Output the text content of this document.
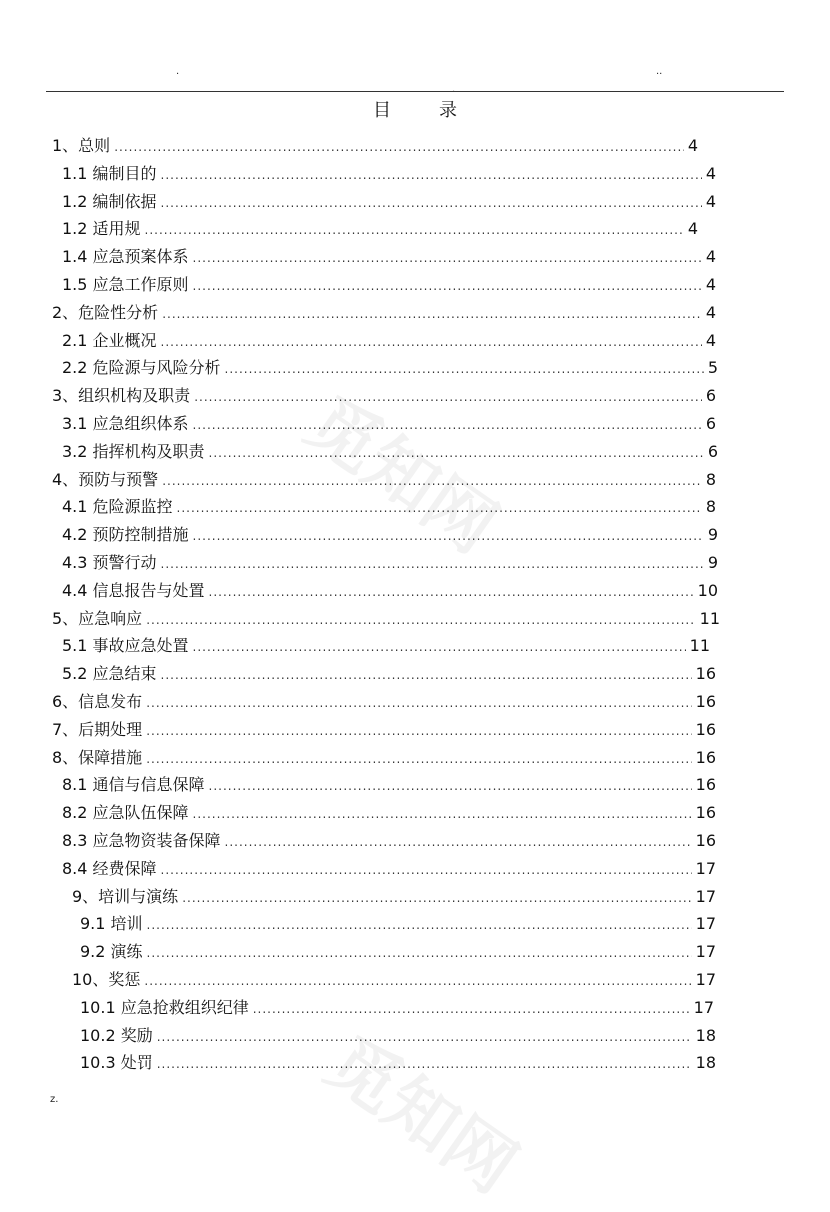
.
.
..
目	录
觅知网
觅知网
1、总则 .....	4
1.1 编制目的 .....	4
1.2 编制依据 .....	4
1.2 适用规 .....	4
1.4 应急预案体系 .....	4
1.5 应急工作原则 .....	4
2、危险性分析 .....	4
2.1 企业概况 .....	4
2.2 危险源与风险分析 .....	5
3、组织机构及职责 .....	6
3.1 应急组织体系 .....	6
3.2 指挥机构及职责 .....	6
4、预防与预警 .....	8
4.1 危险源监控 .....	8
4.2 预防控制措施 .....	9
4.3 预警行动 .....	9
4.4 信息报告与处置 .....	10
5、应急响应 .....	11
5.1 事故应急处置 .....	11
5.2 应急结束 .....	16
6、信息发布 .....	16
7、后期处理 .....	16
8、保障措施 .....	16
8.1 通信与信息保障 .....	16
8.2 应急队伍保障 .....	16
8.3 应急物资装备保障 .....	16
8.4 经费保障 .....	17
9、培训与演练 .....	17
9.1 培训 .....	17
9.2 演练 .....	17
10、奖惩 .....	17
10.1 应急抢救组织纪律 .....	17
10.2 奖励 .....	18
10.3 处罚 .....	18
z.
